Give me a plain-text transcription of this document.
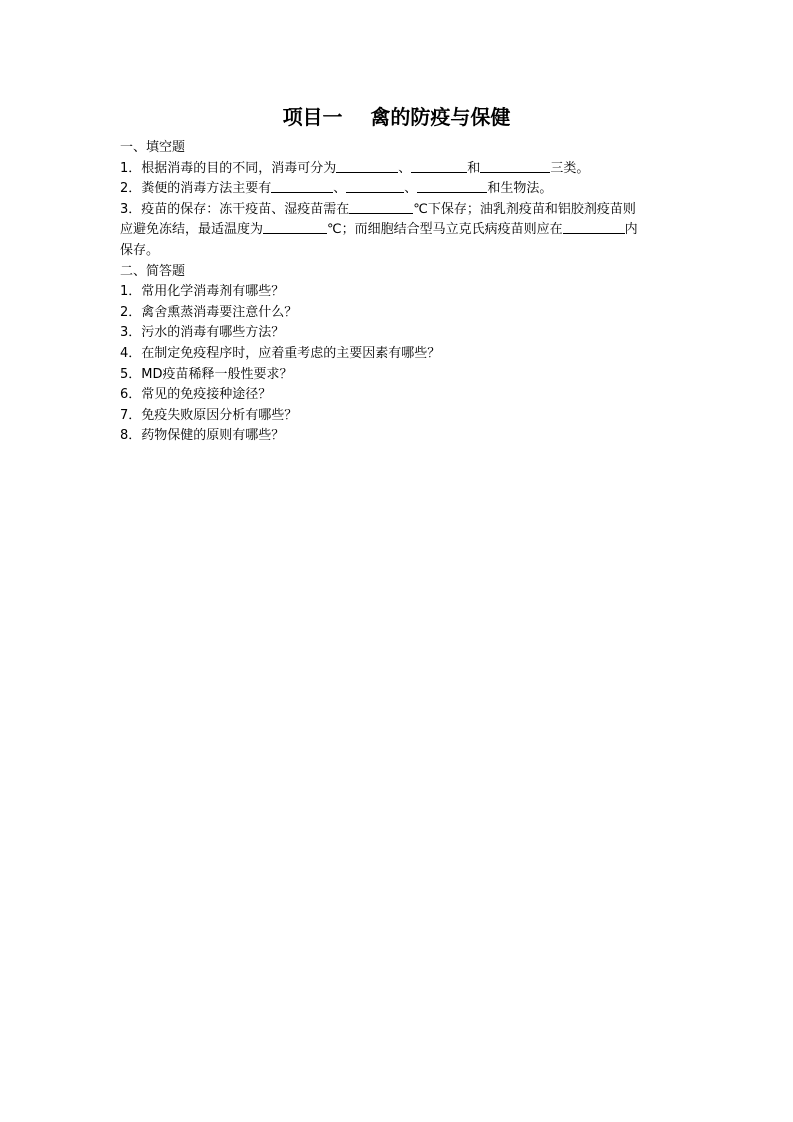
项目一    禽的防疫与保健
一、填空题
1．根据消毒的目的不同，消毒可分为	、	和	三类。
2．粪便的消毒方法主要有	、	、	和生物法。
3．疫苗的保存：冻干疫苗、湿疫苗需在	℃下保存；油乳剂疫苗和铝胶剂疫苗则
应避免冻结，最适温度为	℃；而细胞结合型马立克氏病疫苗则应在	内
保存。
二、简答题
1．常用化学消毒剂有哪些？
2．禽舍熏蒸消毒要注意什么？
3．污水的消毒有哪些方法？
4．在制定免疫程序时，应着重考虑的主要因素有哪些？
5．MD疫苗稀释一般性要求？
6．常见的免疫接种途径？
7．免疫失败原因分析有哪些？
8．药物保健的原则有哪些？
